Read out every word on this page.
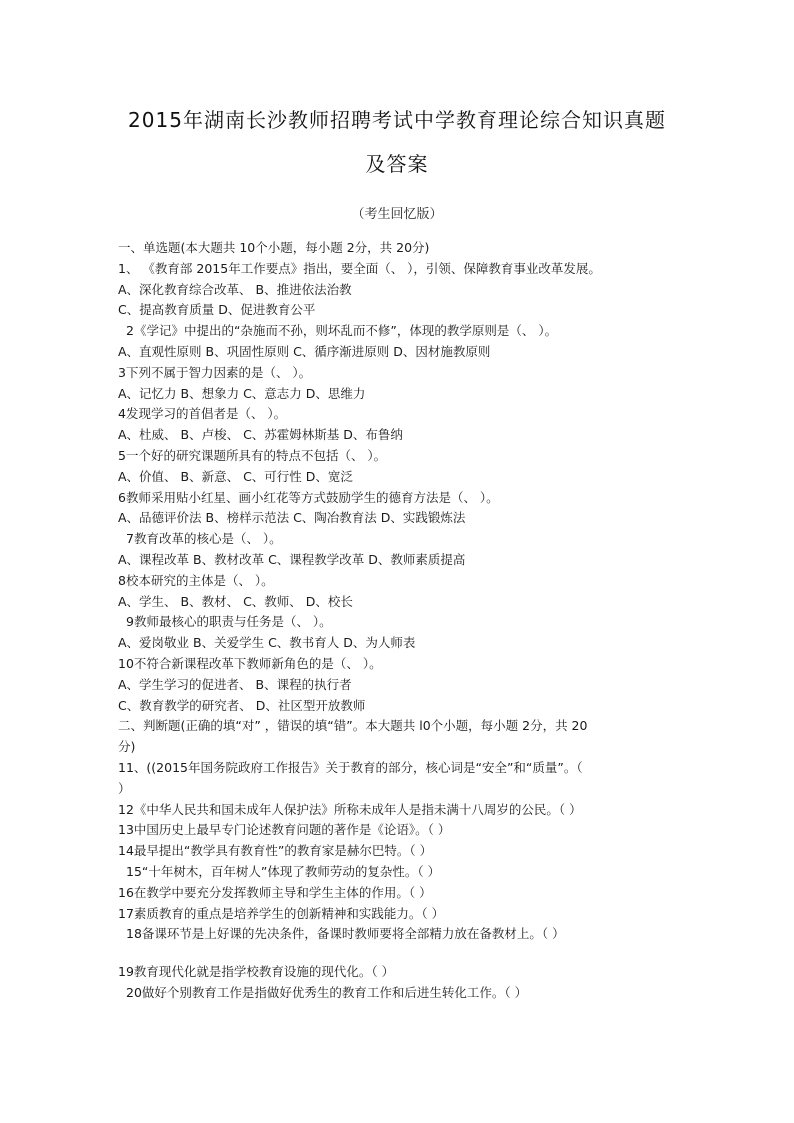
2015年湖南长沙教师招聘考试中学教育理论综合知识真题
及答案
（考生回忆版）
一、单选题(本大题共 10个小题，每小题 2分，共 20分)
1、 《教育部 2015年工作要点》指出，要全面（、 ），引领、保障教育事业改革发展。
A、深化教育综合改革、 B、推进依法治教
C、提高教育质量 D、促进教育公平
2《学记》中提出的“杂施而不孙，则坏乱而不修”，体现的教学原则是（、 ）。
A、直观性原则 B、巩固性原则 C、循序渐进原则 D、因材施教原则
3下列不属于智力因素的是（、 ）。
A、记忆力 B、想象力 C、意志力 D、思维力
4发现学习的首倡者是（、 ）。
A、杜威、 B、卢梭、 C、苏霍姆林斯基 D、布鲁纳
5一个好的研究课题所具有的特点不包括（、 ）。
A、价值、 B、新意、 C、可行性 D、宽泛
6教师采用贴小红星、画小红花等方式鼓励学生的德育方法是（、 ）。
A、品德评价法 B、榜样示范法 C、陶冶教育法 D、实践锻炼法
7教育改革的核心是（、 ）。
A、课程改革 B、教材改革 C、课程教学改革 D、教师素质提高
8校本研究的主体是（、 ）。
A、学生、 B、教材、 C、教师、 D、校长
9教师最核心的职责与任务是（、 ）。
A、爱岗敬业 B、关爱学生 C、教书育人 D、为人师表
10不符合新课程改革下教师新角色的是（、 ）。
A、学生学习的促进者、 B、课程的执行者
C、教育教学的研究者、 D、社区型开放教师
二、判断题(正确的填“对” ，错误的填“错”。本大题共 l0个小题，每小题 2分，共 20
分)
11、((2015年国务院政府工作报告》关于教育的部分，核心词是“安全”和“质量”。（
）
12《中华人民共和国未成年人保护法》所称未成年人是指未满十八周岁的公民。（ ）
13中国历史上最早专门论述教育问题的著作是《论语》。（ ）
14最早提出“教学具有教育性”的教育家是赫尔巴特。（ ）
15“十年树木，百年树人”体现了教师劳动的复杂性。（ ）
16在教学中要充分发挥教师主导和学生主体的作用。（ ）
17素质教育的重点是培养学生的创新精神和实践能力。（ ）
18备课环节是上好课的先决条件，备课时教师要将全部精力放在备教材上。（ ）
19教育现代化就是指学校教育设施的现代化。（ ）
20做好个别教育工作是指做好优秀生的教育工作和后进生转化工作。（ ）
